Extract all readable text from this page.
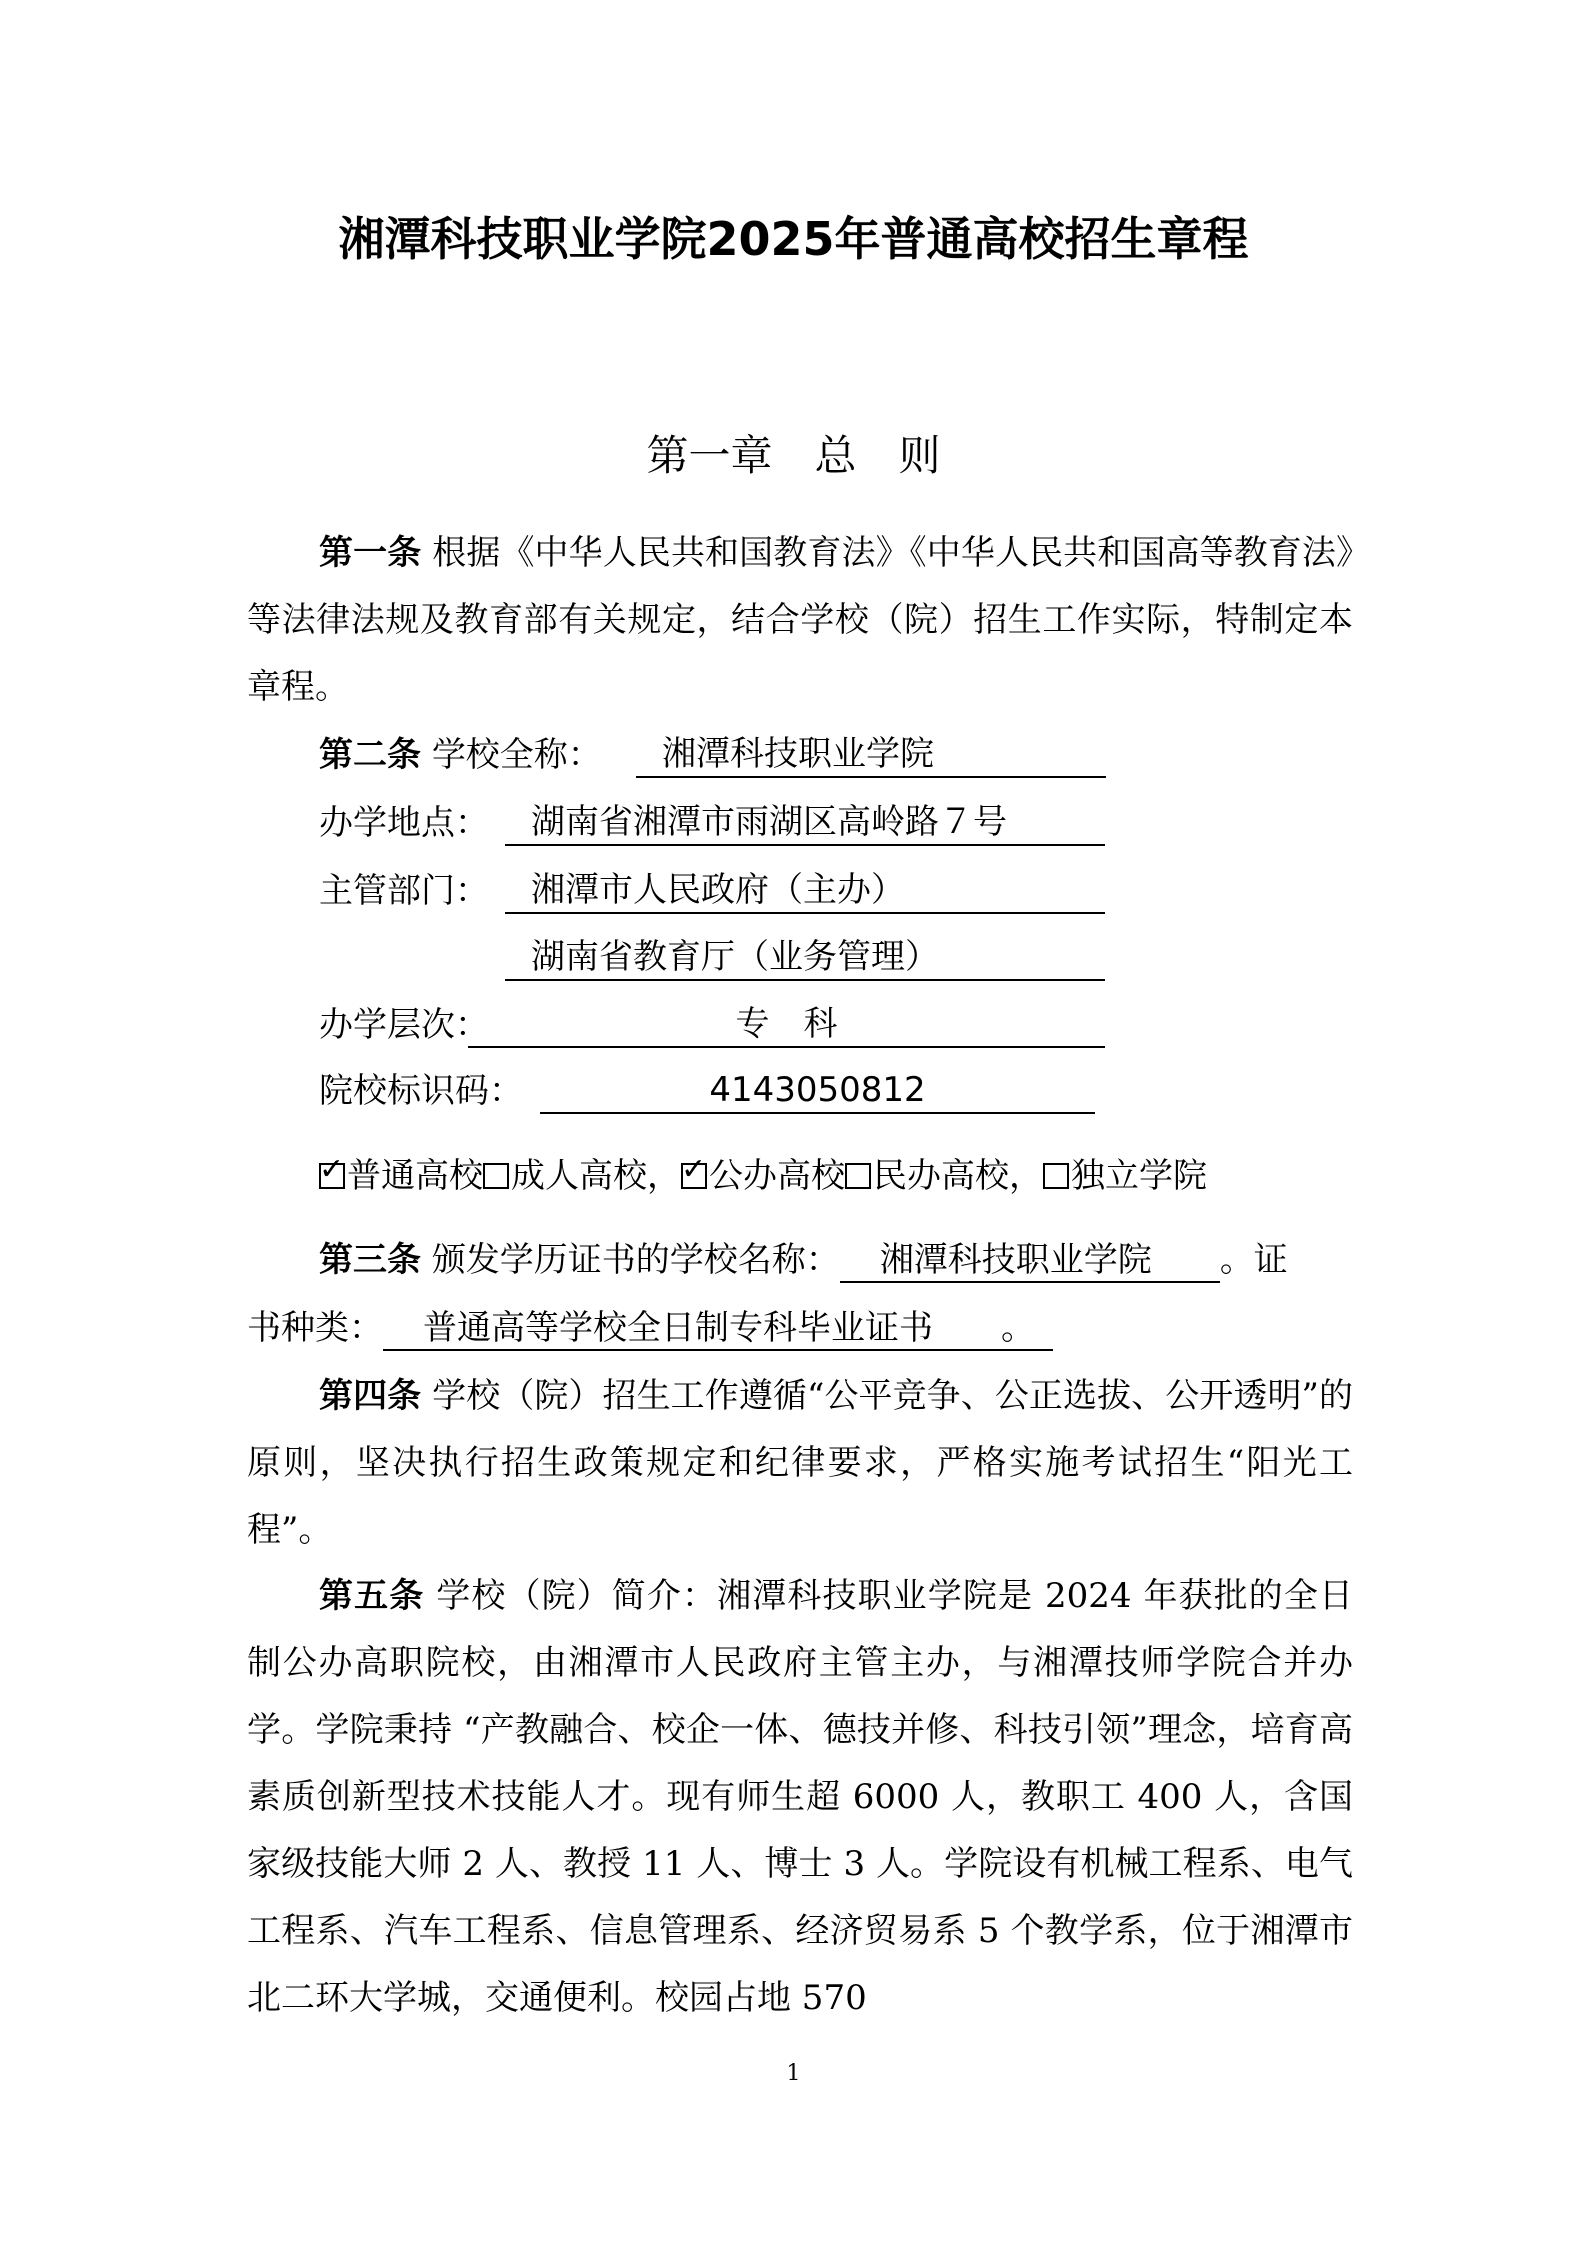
湘潭科技职业学院2025年普通高校招生章程
第一章　总　则
第一条 根据《中华人民共和国教育法》《中华人民共和国高等教育法》等法律法规及教育部有关规定，结合学校（院）招生工作实际，特制定本章程。
第二条 学校全称：	湘潭科技职业学院
办学地点：	湖南省湘潭市雨湖区高岭路７号
主管部门：	湘潭市人民政府（主办）
湖南省教育厅（业务管理）
办学层次：	专　科
院校标识码：	4143050812
✓ 普通高校 成人高校， ✓ 公办高校 民办高校， 独立学院
第三条 颁发学历证书的学校名称： 湘潭科技职业学院 。证
书种类： 普通高等学校全日制专科毕业证书　　 。
第四条 学校（院）招生工作遵循“公平竞争、公正选拔、公开透明”的原则，坚决执行招生政策规定和纪律要求，严格实施考试招生“阳光工程”。
第五条 学校（院）简介：湘潭科技职业学院是 2024 年获批的全日制公办高职院校，由湘潭市人民政府主管主办，与湘潭技师学院合并办学。学院秉持 “产教融合、校企一体、德技并修、科技引领”理念，培育高素质创新型技术技能人才。现有师生超 6000 人，教职工 400 人，含国家级技能大师 2 人、教授 11 人、博士 3 人。学院设有机械工程系、电气工程系、汽车工程系、信息管理系、经济贸易系 5 个教学系，位于湘潭市北二环大学城，交通便利。校园占地 570
1
